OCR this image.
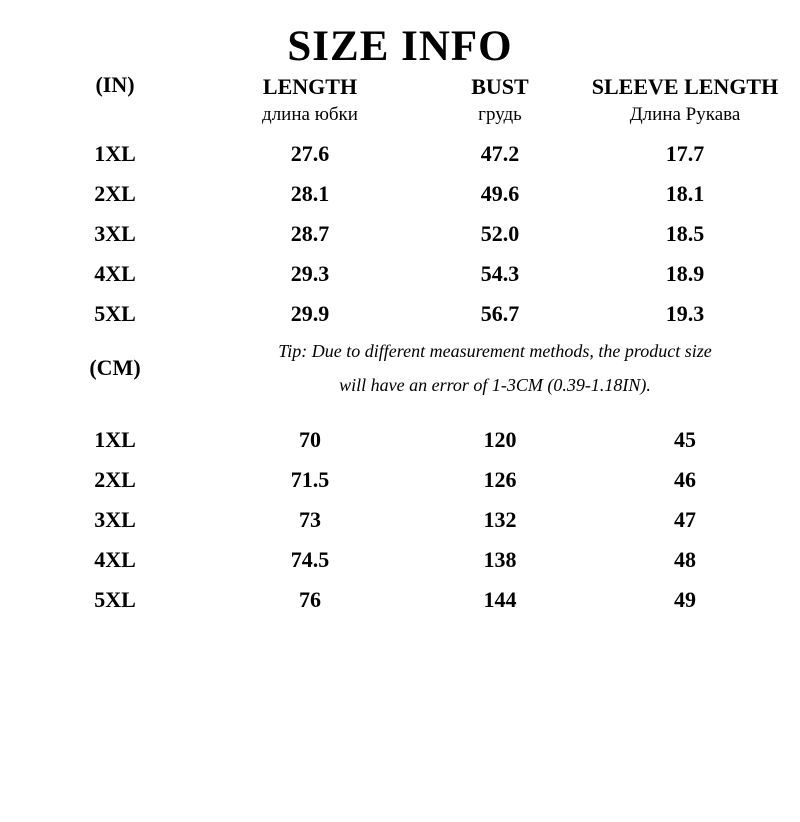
SIZE INFO
(IN)	LENGTH	BUST	SLEEVE LENGTH
	длина юбки	грудь	Длина Рукава
1XL	27.6	47.2	17.7
2XL	28.1	49.6	18.1
3XL	28.7	52.0	18.5
4XL	29.3	54.3	18.9
5XL	29.9	56.7	19.3
(CM)	Tip: Due to different measurement methods, the product size
will have an error of 1-3CM (0.39-1.18IN).		

1XL	70	120	45
2XL	71.5	126	46
3XL	73	132	47
4XL	74.5	138	48
5XL	76	144	49
